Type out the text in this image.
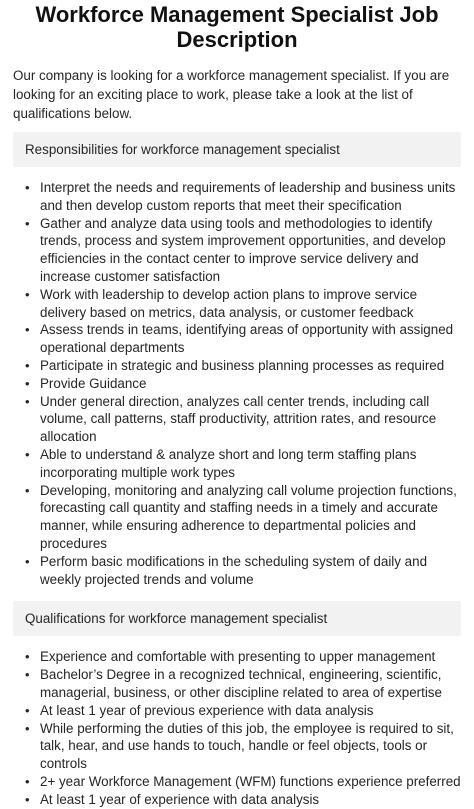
Workforce Management Specialist Job Description

Our company is looking for a workforce management specialist. If you are looking for an exciting place to work, please take a look at the list of qualifications below.

Responsibilities for workforce management specialist
• Interpret the needs and requirements of leadership and business units and then develop custom reports that meet their specification
• Gather and analyze data using tools and methodologies to identify trends, process and system improvement opportunities, and develop efficiencies in the contact center to improve service delivery and increase customer satisfaction
• Work with leadership to develop action plans to improve service delivery based on metrics, data analysis, or customer feedback
• Assess trends in teams, identifying areas of opportunity with assigned operational departments
• Participate in strategic and business planning processes as required
• Provide Guidance
• Under general direction, analyzes call center trends, including call volume, call patterns, staff productivity, attrition rates, and resource allocation
• Able to understand & analyze short and long term staffing plans incorporating multiple work types
• Developing, monitoring and analyzing call volume projection functions, forecasting call quantity and staffing needs in a timely and accurate manner, while ensuring adherence to departmental policies and procedures
• Perform basic modifications in the scheduling system of daily and weekly projected trends and volume
Qualifications for workforce management specialist
• Experience and comfortable with presenting to upper management
• Bachelor’s Degree in a recognized technical, engineering, scientific, managerial, business, or other discipline related to area of expertise
• At least 1 year of previous experience with data analysis
• While performing the duties of this job, the employee is required to sit, talk, hear, and use hands to touch, handle or feel objects, tools or controls
• 2+ year Workforce Management (WFM) functions experience preferred
• At least 1 year of experience with data analysis
